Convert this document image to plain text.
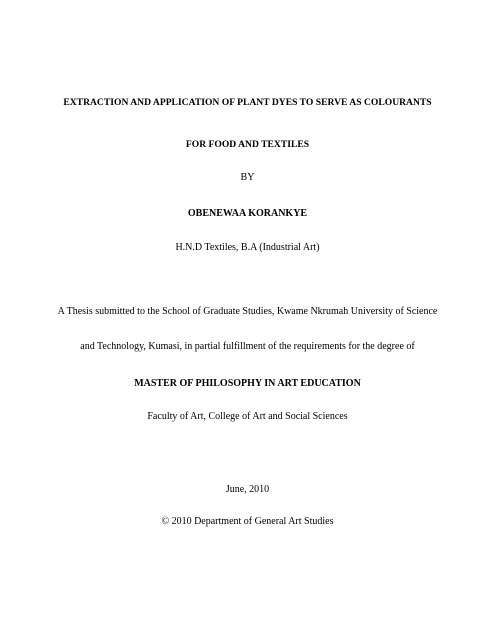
EXTRACTION AND APPLICATION OF PLANT DYES TO SERVE AS COLOURANTS
FOR FOOD AND TEXTILES
BY
OBENEWAA KORANKYE
H.N.D Textiles, B.A (Industrial Art)
A Thesis submitted to the School of Graduate Studies, Kwame Nkrumah University of Science
and Technology, Kumasi, in partial fulfillment of the requirements for the degree of
MASTER OF PHILOSOPHY IN ART EDUCATION
Faculty of Art, College of Art and Social Sciences
June, 2010
© 2010 Department of General Art Studies
